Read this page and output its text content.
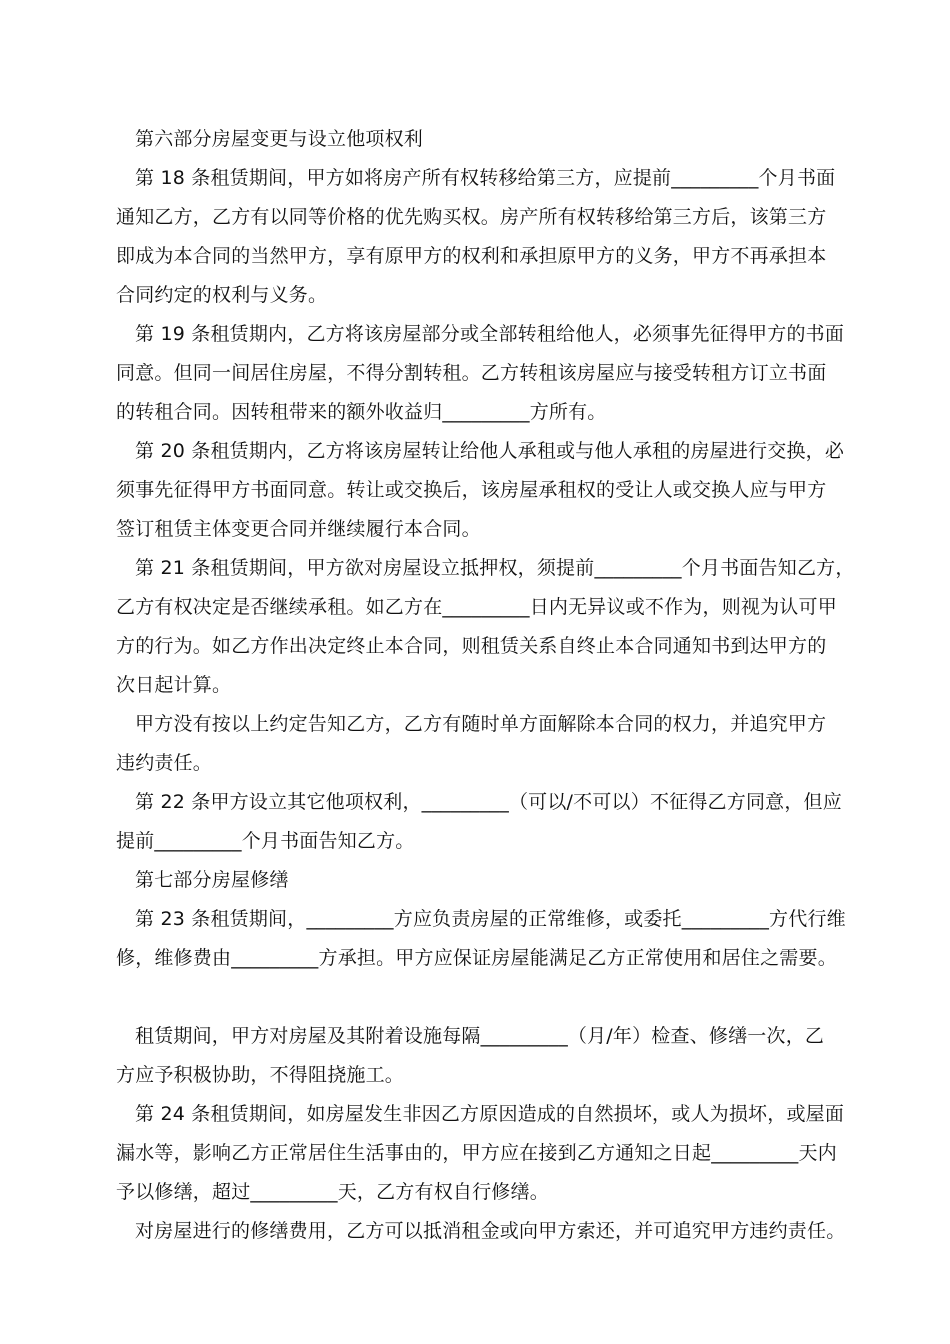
第六部分房屋变更与设立他项权利
第 18 条租赁期间，甲方如将房产所有权转移给第三方，应提前_________个月书面
通知乙方，乙方有以同等价格的优先购买权。房产所有权转移给第三方后，该第三方
即成为本合同的当然甲方，享有原甲方的权利和承担原甲方的义务，甲方不再承担本
合同约定的权利与义务。
第 19 条租赁期内，乙方将该房屋部分或全部转租给他人，必须事先征得甲方的书面
同意。但同一间居住房屋，不得分割转租。乙方转租该房屋应与接受转租方订立书面
的转租合同。因转租带来的额外收益归_________方所有。
第 20 条租赁期内，乙方将该房屋转让给他人承租或与他人承租的房屋进行交换，必
须事先征得甲方书面同意。转让或交换后，该房屋承租权的受让人或交换人应与甲方
签订租赁主体变更合同并继续履行本合同。
第 21 条租赁期间，甲方欲对房屋设立抵押权，须提前_________个月书面告知乙方，
乙方有权决定是否继续承租。如乙方在_________日内无异议或不作为，则视为认可甲
方的行为。如乙方作出决定终止本合同，则租赁关系自终止本合同通知书到达甲方的
次日起计算。
甲方没有按以上约定告知乙方，乙方有随时单方面解除本合同的权力，并追究甲方
违约责任。
第 22 条甲方设立其它他项权利，_________（可以/不可以）不征得乙方同意，但应
提前_________个月书面告知乙方。
第七部分房屋修缮
第 23 条租赁期间，_________方应负责房屋的正常维修，或委托_________方代行维
修，维修费由_________方承担。甲方应保证房屋能满足乙方正常使用和居住之需要。
租赁期间，甲方对房屋及其附着设施每隔_________（月/年）检查、修缮一次，乙
方应予积极协助，不得阻挠施工。
第 24 条租赁期间，如房屋发生非因乙方原因造成的自然损坏，或人为损坏，或屋面
漏水等，影响乙方正常居住生活事由的，甲方应在接到乙方通知之日起_________天内
予以修缮，超过_________天，乙方有权自行修缮。
对房屋进行的修缮费用，乙方可以抵消租金或向甲方索还，并可追究甲方违约责任。
